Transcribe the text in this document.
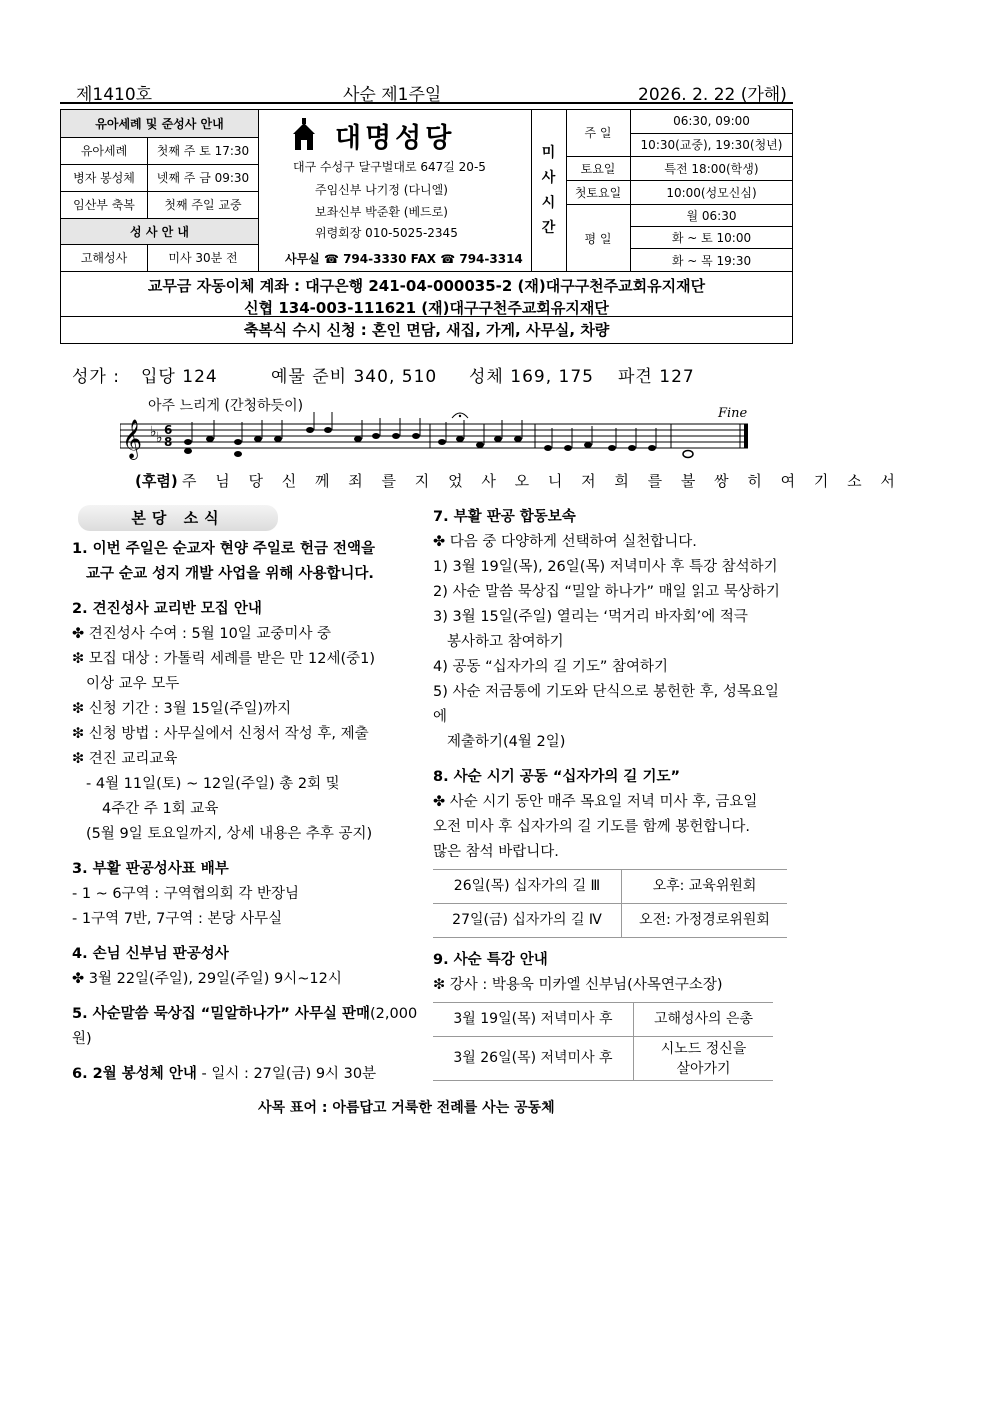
제1410호	사순 제1주일	2026. 2. 22 (가해)
유아세례 및 준성사 안내	
유아세례	첫째 주 토 17:30
병자 봉성체	넷째 주 금 09:30
임산부 축복	첫째 주일 교중
성 사 안 내	
고해성사	미사 30분 전
대명성당
대구 수성구 달구벌대로 647길 20-5
주임신부 나기정 (다니엘)
보좌신부 박준환 (베드로)
위령회장 010-5025-2345
사무실 ☎ 794-3330 FAX ☎ 794-3314
미 사 시 간
주 일	06:30, 09:00
	10:30(교중), 19:30(청년)
토요일	특전 18:00(학생)
첫토요일	10:00(성모신심)
평 일	월 06:30
	화 ~ 토 10:00
	화 ~ 목 19:30
교무금 자동이체 계좌 : 대구은행 241-04-000035-2 (재)대구구천주교회유지재단
신협 134-003-111621 (재)대구구천주교회유지재단
축복식 수시 신청 : 혼인 면담, 새집, 가게, 사무실, 차량
성가 : 입당 124	예물 준비 340, 510 성체 169, 175 파견 127
아주 느리게 (간청하듯이)	Fine
𝄞 ♭ ♭ 6
8
(후렴) 주 님 당 신 께 죄 를 지 었 사 오 니 저 희 를 불 쌍 히 여 기 소 서
본당 소식

1. 이번 주일은 순교자 현양 주일로 헌금 전액을

교구 순교 성지 개발 사업을 위해 사용합니다.

2. 견진성사 교리반 모집 안내

✤ 견진성사 수여 : 5월 10일 교중미사 중

❇ 모집 대상 : 가톨릭 세례를 받은 만 12세(중1)

이상 교우 모두

❇ 신청 기간 : 3월 15일(주일)까지

❇ 신청 방법 : 사무실에서 신청서 작성 후, 제출

❇ 견진 교리교육

- 4월 11일(토) ~ 12일(주일) 총 2회 및

4주간 주 1회 교육

(5월 9일 토요일까지, 상세 내용은 추후 공지)

3. 부활 판공성사표 배부

- 1 ~ 6구역 : 구역협의회 각 반장님

- 1구역 7반, 7구역 : 본당 사무실

4. 손님 신부님 판공성사

✤ 3월 22일(주일), 29일(주일) 9시~12시

5. 사순말씀 묵상집 “밀알하나가” 사무실 판매(2,000원)

6. 2월 봉성체 안내 - 일시 : 27일(금) 9시 30분

7. 부활 판공 합동보속

✤ 다음 중 다양하게 선택하여 실천합니다.

1) 3월 19일(목), 26일(목) 저녁미사 후 특강 참석하기

2) 사순 말씀 묵상집 “밀알 하나가” 매일 읽고 묵상하기

3) 3월 15일(주일) 열리는 ‘먹거리 바자회’에 적극

봉사하고 참여하기

4) 공동 “십자가의 길 기도” 참여하기

5) 사순 저금통에 기도와 단식으로 봉헌한 후, 성목요일에

제출하기(4월 2일)

8. 사순 시기 공동 “십자가의 길 기도”

✤ 사순 시기 동안 매주 목요일 저녁 미사 후, 금요일

오전 미사 후 십자가의 길 기도를 함께 봉헌합니다.

많은 참석 바랍니다.

26일(목) 십자가의 길 Ⅲ	오후: 교육위원회
27일(금) 십자가의 길 Ⅳ	오전: 가정경로위원회

9. 사순 특강 안내

❇ 강사 : 박용욱 미카엘 신부님(사목연구소장)

3월 19일(목) 저녁미사 후	고해성사의 은총
3월 26일(목) 저녁미사 후	시노드 정신을
살아가기
사목 표어 : 아름답고 거룩한 전례를 사는 공동체
